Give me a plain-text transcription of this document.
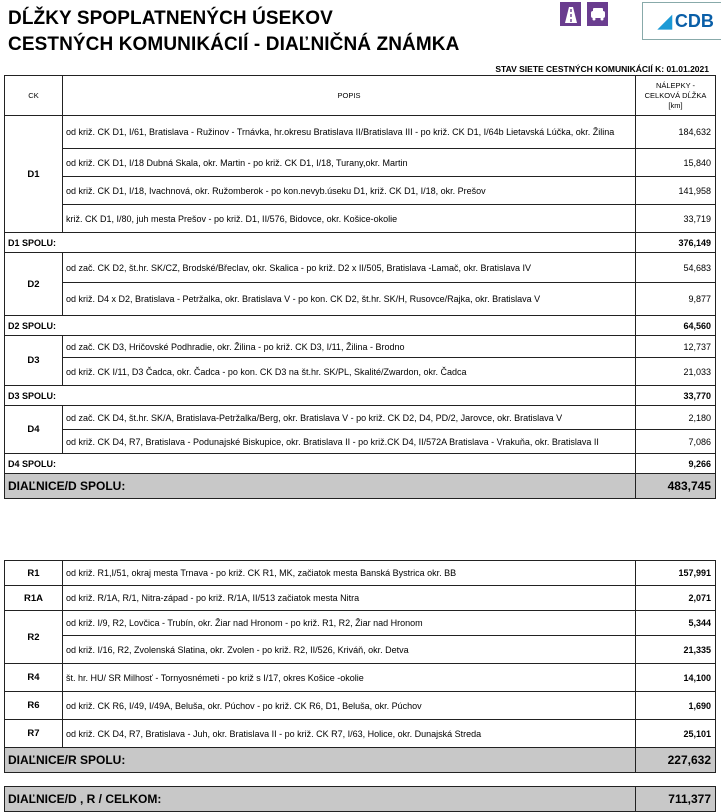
DĹŽKY SPOPLATNENÝCH ÚSEKOV
CESTNÝCH KOMUNIKÁCIÍ - DIAĽNIČNÁ ZNÁMKA
◢ CDB
STAV SIETE CESTNÝCH KOMUNIKÁCIÍ K: 01.01.2021
CK	POPIS	NÁLEPKY -
CELKOVÁ DĹŽKA
[km]

D1	od križ. CK D1, I/61, Bratislava - Ružinov - Trnávka, hr.okresu Bratislava II/Bratislava III - po križ. CK D1, I/64b Lietavská Lúčka, okr. Žilina	184,632
	od križ. CK D1, I/18 Dubná Skala, okr. Martin - po križ. CK D1, I/18, Turany,okr. Martin	15,840
	od križ. CK D1, I/18, Ivachnová, okr. Ružomberok - po kon.nevyb.úseku D1, križ. CK D1, I/18, okr. Prešov	141,958
	križ. CK D1, I/80, juh mesta Prešov - po križ. D1, II/576, Bidovce, okr. Košice-okolie	33,719
D1 SPOLU:		376,149
D2	od zač. CK D2, št.hr. SK/CZ, Brodské/Břeclav, okr. Skalica - po križ. D2 x II/505, Bratislava -Lamač, okr. Bratislava IV	54,683
	od križ. D4 x D2, Bratislava - Petržalka, okr. Bratislava V - po kon. CK D2, št.hr. SK/H, Rusovce/Rajka, okr. Bratislava V	9,877
D2 SPOLU:		64,560
D3	od zač. CK D3, Hričovské Podhradie, okr. Žilina - po križ. CK D3, I/11, Žilina - Brodno	12,737
	od križ. CK I/11, D3 Čadca, okr. Čadca - po kon. CK D3 na št.hr. SK/PL, Skalité/Zwardon, okr. Čadca	21,033
D3 SPOLU:		33,770
D4	od zač. CK D4, št.hr. SK/A, Bratislava-Petržalka/Berg, okr. Bratislava V - po križ. CK D2, D4, PD/2, Jarovce, okr. Bratislava V	2,180
	od križ. CK D4, R7, Bratislava - Podunajské Biskupice, okr. Bratislava II - po križ.CK D4, II/572A Bratislava - Vrakuňa, okr. Bratislava II	7,086
D4 SPOLU:		9,266
DIAĽNICE/D SPOLU:		483,745
R1	od križ. R1,I/51, okraj mesta Trnava - po križ. CK R1, MK, začiatok mesta Banská Bystrica okr. BB	157,991
R1A	od križ. R/1A, R/1, Nitra-západ - po križ. R/1A, II/513 začiatok mesta Nitra	2,071
R2	od križ. I/9, R2, Lovčica - Trubín, okr. Žiar nad Hronom - po križ. R1, R2, Žiar nad Hronom	5,344
	od križ. I/16, R2, Zvolenská Slatina, okr. Zvolen - po križ. R2, II/526, Kriváň, okr. Detva	21,335
R4	št. hr. HU/ SR Milhosť - Tornyosnémeti - po križ s I/17, okres Košice -okolie	14,100
R6	od križ. CK R6, I/49, I/49A, Beluša, okr. Púchov - po križ. CK R6, D1, Beluša, okr. Púchov	1,690
R7	od križ. CK D4, R7, Bratislava - Juh, okr. Bratislava II - po križ. CK R7, I/63, Holice, okr. Dunajská Streda	25,101
DIAĽNICE/R SPOLU:		227,632
DIAĽNICE/D , R / CELKOM:	711,377
